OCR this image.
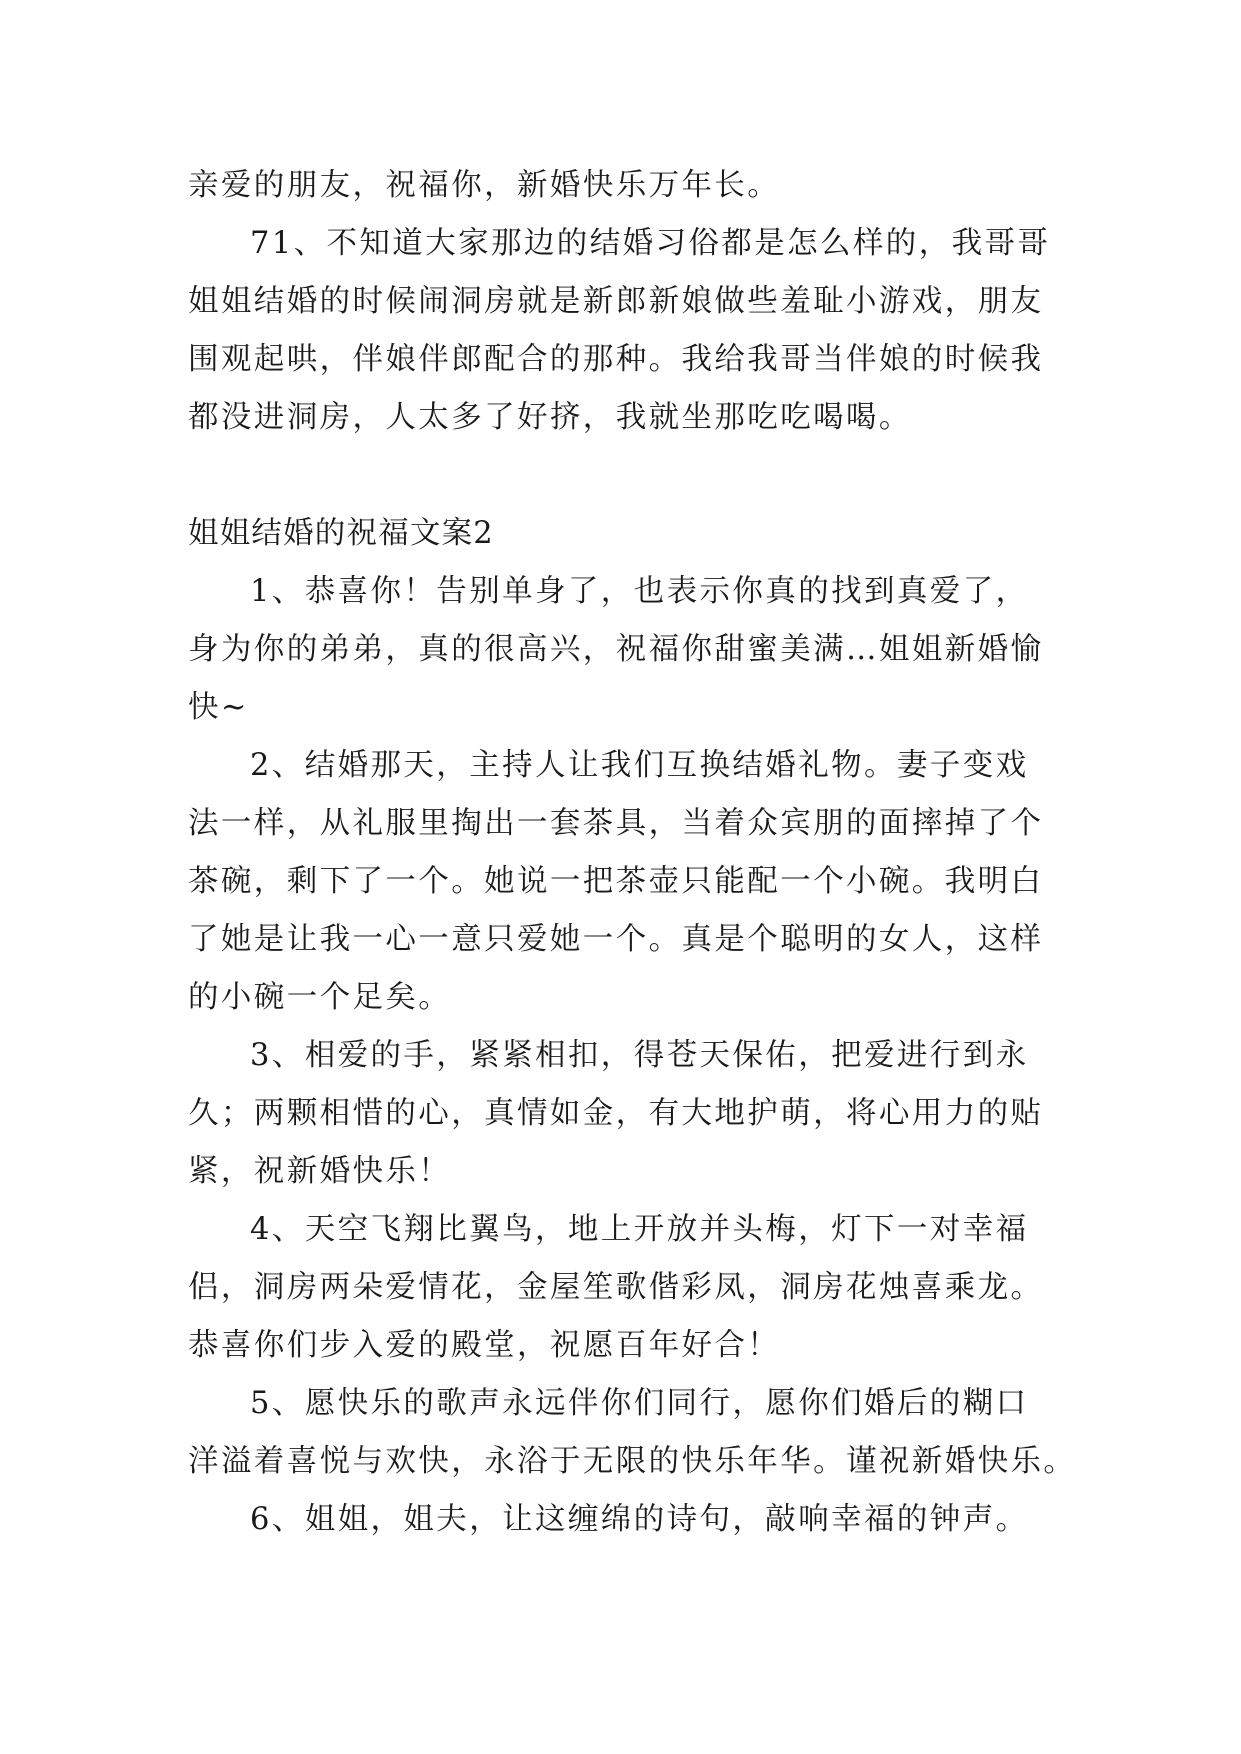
亲爱的朋友，祝福你，新婚快乐万年长。
71、不知道大家那边的结婚习俗都是怎么样的，我哥哥
姐姐结婚的时候闹洞房就是新郎新娘做些羞耻小游戏，朋友
围观起哄，伴娘伴郎配合的那种。我给我哥当伴娘的时候我
都没进洞房，人太多了好挤，我就坐那吃吃喝喝。
姐姐结婚的祝福文案2
1、恭喜你！告别单身了，也表示你真的找到真爱了，
身为你的弟弟，真的很高兴，祝福你甜蜜美满…姐姐新婚愉
快~
2、结婚那天，主持人让我们互换结婚礼物。妻子变戏
法一样，从礼服里掏出一套茶具，当着众宾朋的面摔掉了个
茶碗，剩下了一个。她说一把茶壶只能配一个小碗。我明白
了她是让我一心一意只爱她一个。真是个聪明的女人，这样
的小碗一个足矣。
3、相爱的手，紧紧相扣，得苍天保佑，把爱进行到永
久；两颗相惜的心，真情如金，有大地护萌，将心用力的贴
紧，祝新婚快乐！
4、天空飞翔比翼鸟，地上开放并头梅，灯下一对幸福
侣，洞房两朵爱情花，金屋笙歌偕彩凤，洞房花烛喜乘龙。
恭喜你们步入爱的殿堂，祝愿百年好合！
5、愿快乐的歌声永远伴你们同行，愿你们婚后的糊口
洋溢着喜悦与欢快，永浴于无限的快乐年华。谨祝新婚快乐。
6、姐姐，姐夫，让这缠绵的诗句，敲响幸福的钟声。
